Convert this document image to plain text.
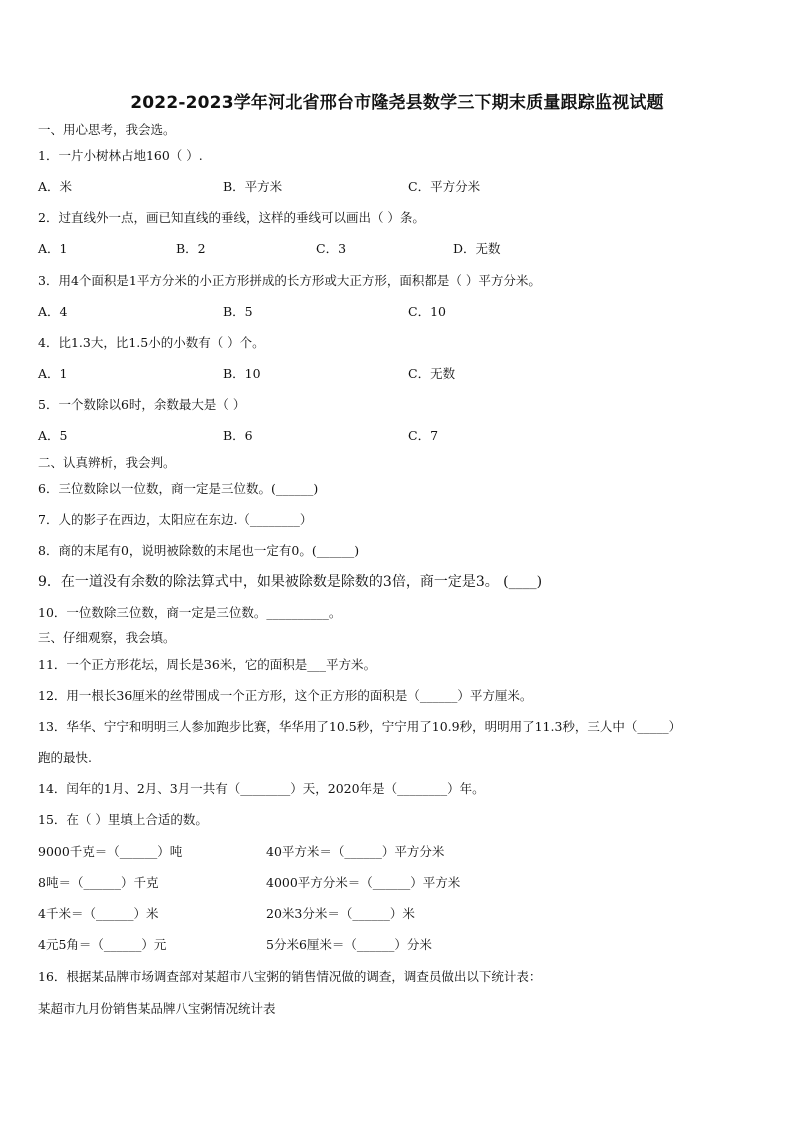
2022-2023学年河北省邢台市隆尧县数学三下期末质量跟踪监视试题
一、用心思考，我会选。
1．一片小树林占地160（ ）.
A．米	B．平方米	C．平方分米
2．过直线外一点，画已知直线的垂线，这样的垂线可以画出（ ）条。
A．1	B．2	C．3	D．无数
3．用4个面积是1平方分米的小正方形拼成的长方形或大正方形，面积都是（ ）平方分米。
A．4	B．5	C．10
4．比1.3大，比1.5小的小数有（ ）个。
A．1	B．10	C．无数
5．一个数除以6时，余数最大是（ ）
A．5	B．6	C．7
二、认真辨析，我会判。
6．三位数除以一位数，商一定是三位数。(______)
7．人的影子在西边，太阳应在东边.（________）
8．商的末尾有0，说明被除数的末尾也一定有0。(______)
9．在一道没有余数的除法算式中，如果被除数是除数的3倍，商一定是3。 (____)
10．一位数除三位数，商一定是三位数。__________。
三、仔细观察，我会填。
11．一个正方形花坛，周长是36米，它的面积是___平方米。
12．用一根长36厘米的丝带围成一个正方形，这个正方形的面积是（______）平方厘米。
13．华华、宁宁和明明三人参加跑步比赛，华华用了10.5秒，宁宁用了10.9秒，明明用了11.3秒，三人中（_____）
跑的最快.
14．闰年的1月、2月、3月一共有（________）天，2020年是（________）年。
15．在（ ）里填上合适的数。
9000千克＝（______）吨	40平方米＝（______）平方分米
8吨＝（______）千克	4000平方分米＝（______）平方米
4千米＝（______）米	20米3分米＝（______）米
4元5角＝（______）元	5分米6厘米＝（______）分米
16．根据某品牌市场调查部对某超市八宝粥的销售情况做的调查，调查员做出以下统计表：
某超市九月份销售某品牌八宝粥情况统计表
